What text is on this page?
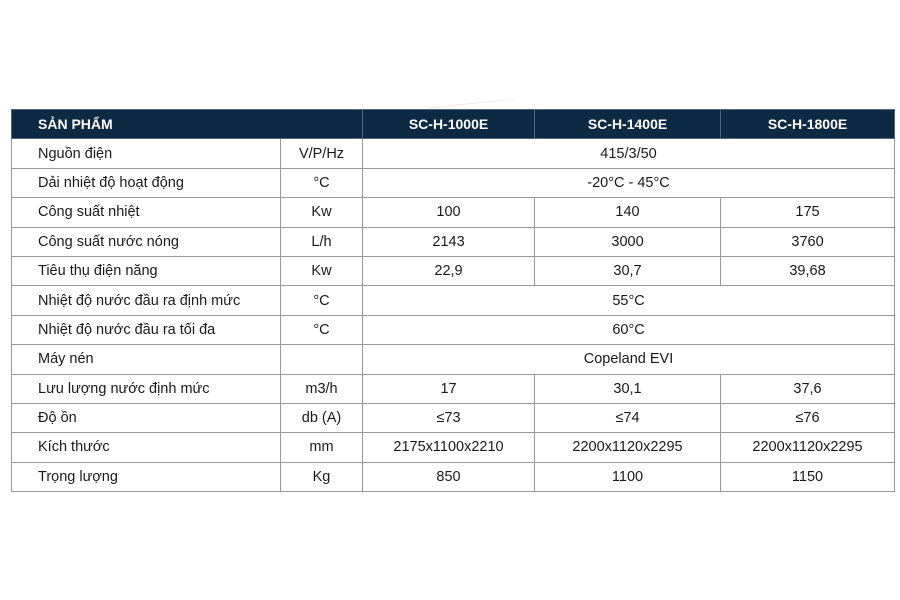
SẢN PHẨM		SC-H-1000E	SC-H-1400E	SC-H-1800E
Nguồn điện	V/P/Hz	415/3/50		
Dải nhiệt độ hoạt động	°C	-20°C - 45°C		
Công suất nhiệt	Kw	100	140	175
Công suất nước nóng	L/h	2143	3000	3760
Tiêu thụ điện năng	Kw	22,9	30,7	39,68
Nhiệt độ nước đầu ra định mức	°C	55°C		
Nhiệt độ nước đầu ra tối đa	°C	60°C		
Máy nén		Copeland EVI		
Lưu lượng nước định mức	m3/h	17	30,1	37,6
Độ ồn	db (A)	≤73	≤74	≤76
Kích thước	mm	2175x1100x2210	2200x1120x2295	2200x1120x2295
Trọng lượng	Kg	850	1100	1150
